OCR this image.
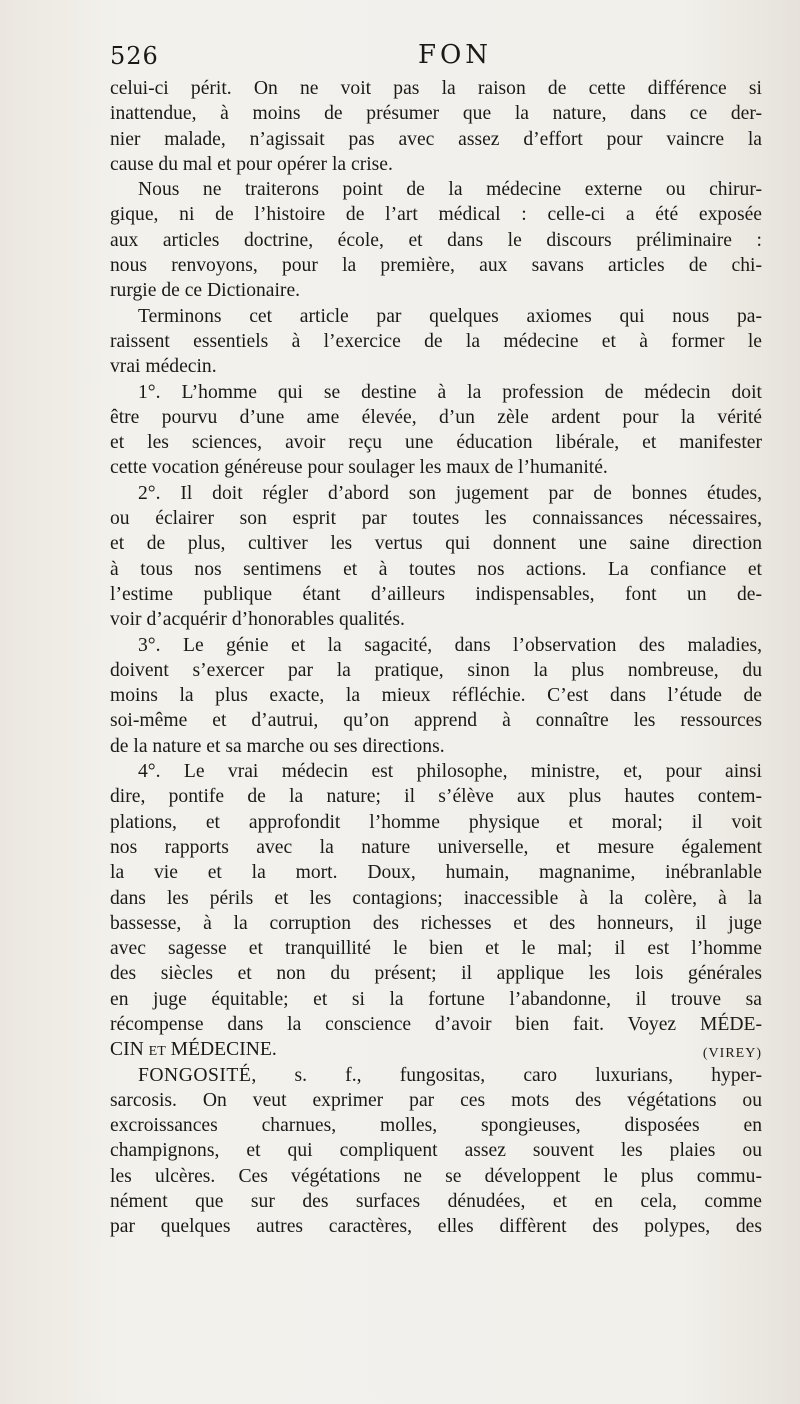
526	FON
celui-ci périt. On ne voit pas la raison de cette différence si
inattendue, à moins de présumer que la nature, dans ce der-
nier malade, n’agissait pas avec assez d’effort pour vaincre la
cause du mal et pour opérer la crise.
Nous ne traiterons point de la médecine externe ou chirur-
gique, ni de l’histoire de l’art médical : celle-ci a été exposée
aux articles doctrine, école, et dans le discours préliminaire :
nous renvoyons, pour la première, aux savans articles de chi-
rurgie de ce Dictionaire.
Terminons cet article par quelques axiomes qui nous pa-
raissent essentiels à l’exercice de la médecine et à former le
vrai médecin.
1°. L’homme qui se destine à la profession de médecin doit
être pourvu d’une ame élevée, d’un zèle ardent pour la vérité
et les sciences, avoir reçu une éducation libérale, et manifester
cette vocation généreuse pour soulager les maux de l’humanité.
2°. Il doit régler d’abord son jugement par de bonnes études,
ou éclairer son esprit par toutes les connaissances nécessaires,
et de plus, cultiver les vertus qui donnent une saine direction
à tous nos sentimens et à toutes nos actions. La confiance et
l’estime publique étant d’ailleurs indispensables, font un de-
voir d’acquérir d’honorables qualités.
3°. Le génie et la sagacité, dans l’observation des maladies,
doivent s’exercer par la pratique, sinon la plus nombreuse, du
moins la plus exacte, la mieux réfléchie. C’est dans l’étude de
soi-même et d’autrui, qu’on apprend à connaître les ressources
de la nature et sa marche ou ses directions.
4°. Le vrai médecin est philosophe, ministre, et, pour ainsi
dire, pontife de la nature; il s’élève aux plus hautes contem-
plations, et approfondit l’homme physique et moral; il voit
nos rapports avec la nature universelle, et mesure également
la vie et la mort. Doux, humain, magnanime, inébranlable
dans les périls et les contagions; inaccessible à la colère, à la
bassesse, à la corruption des richesses et des honneurs, il juge
avec sagesse et tranquillité le bien et le mal; il est l’homme
des siècles et non du présent; il applique les lois générales
en juge équitable; et si la fortune l’abandonne, il trouve sa
récompense dans la conscience d’avoir bien fait. Voyez MÉDE-
CIN et MÉDECINE.	(VIREY)
FONGOSITÉ, s. f., fungositas, caro luxurians, hyper-
sarcosis. On veut exprimer par ces mots des végétations ou
excroissances charnues, molles, spongieuses, disposées en
champignons, et qui compliquent assez souvent les plaies ou
les ulcères. Ces végétations ne se développent le plus commu-
nément que sur des surfaces dénudées, et en cela, comme
par quelques autres caractères, elles diffèrent des polypes, des
